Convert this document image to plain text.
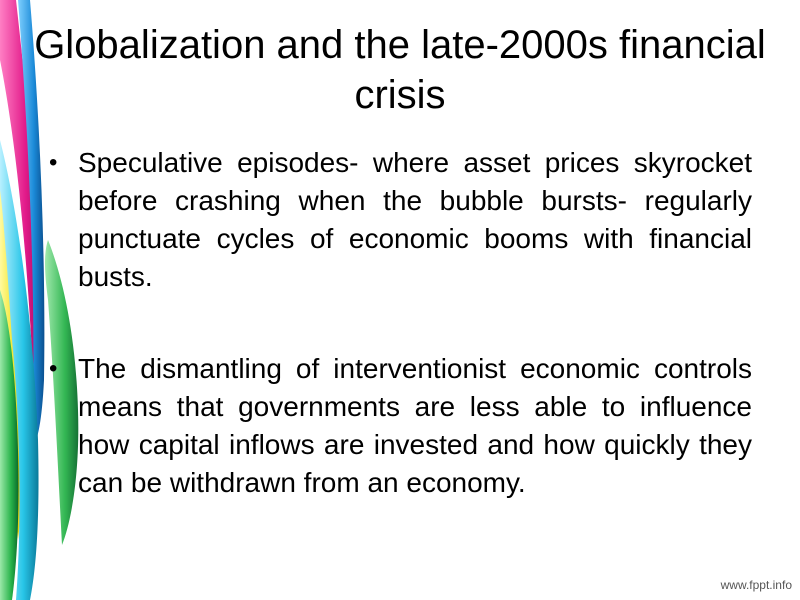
Globalization and the late-2000s financial crisis
• Speculative episodes- where asset prices skyrocket before crashing when the bubble bursts- regularly punctuate cycles of economic booms with financial busts.
• The dismantling of interventionist economic controls means that governments are less able to influence how capital inflows are invested and how quickly they can be withdrawn from an economy.
www.fppt.info
